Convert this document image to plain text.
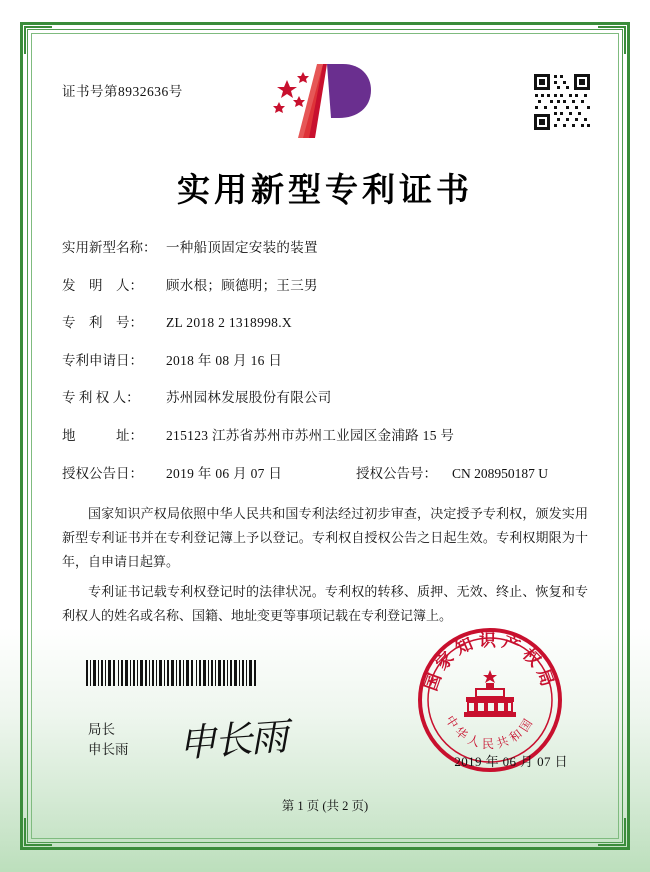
证书号第8932636号
实用新型专利证书
实用新型名称： 一种船顶固定安装的装置
发　明　人：	顾水根；顾德明；王三男
专　利　号：	ZL 2018 2 1318998.X
专利申请日：	2018 年 08 月 16 日
专 利 权 人：	苏州园林发展股份有限公司
地　　　址：	215123 江苏省苏州市苏州工业园区金浦路 15 号
授权公告日：	2019 年 06 月 07 日	授权公告号：	CN 208950187 U

国家知识产权局依照中华人民共和国专利法经过初步审查，决定授予专利权，颁发实用新型专利证书并在专利登记簿上予以登记。专利权自授权公告之日起生效。专利权期限为十年，自申请日起算。

专利证书记载专利权登记时的法律状况。专利权的转移、质押、无效、终止、恢复和专利权人的姓名或名称、国籍、地址变更等事项记载在专利登记簿上。

局长
申长雨 申长雨
国家知识产权局
中华人民共和国
2019 年 06 月 07 日
第 1 页 (共 2 页)
